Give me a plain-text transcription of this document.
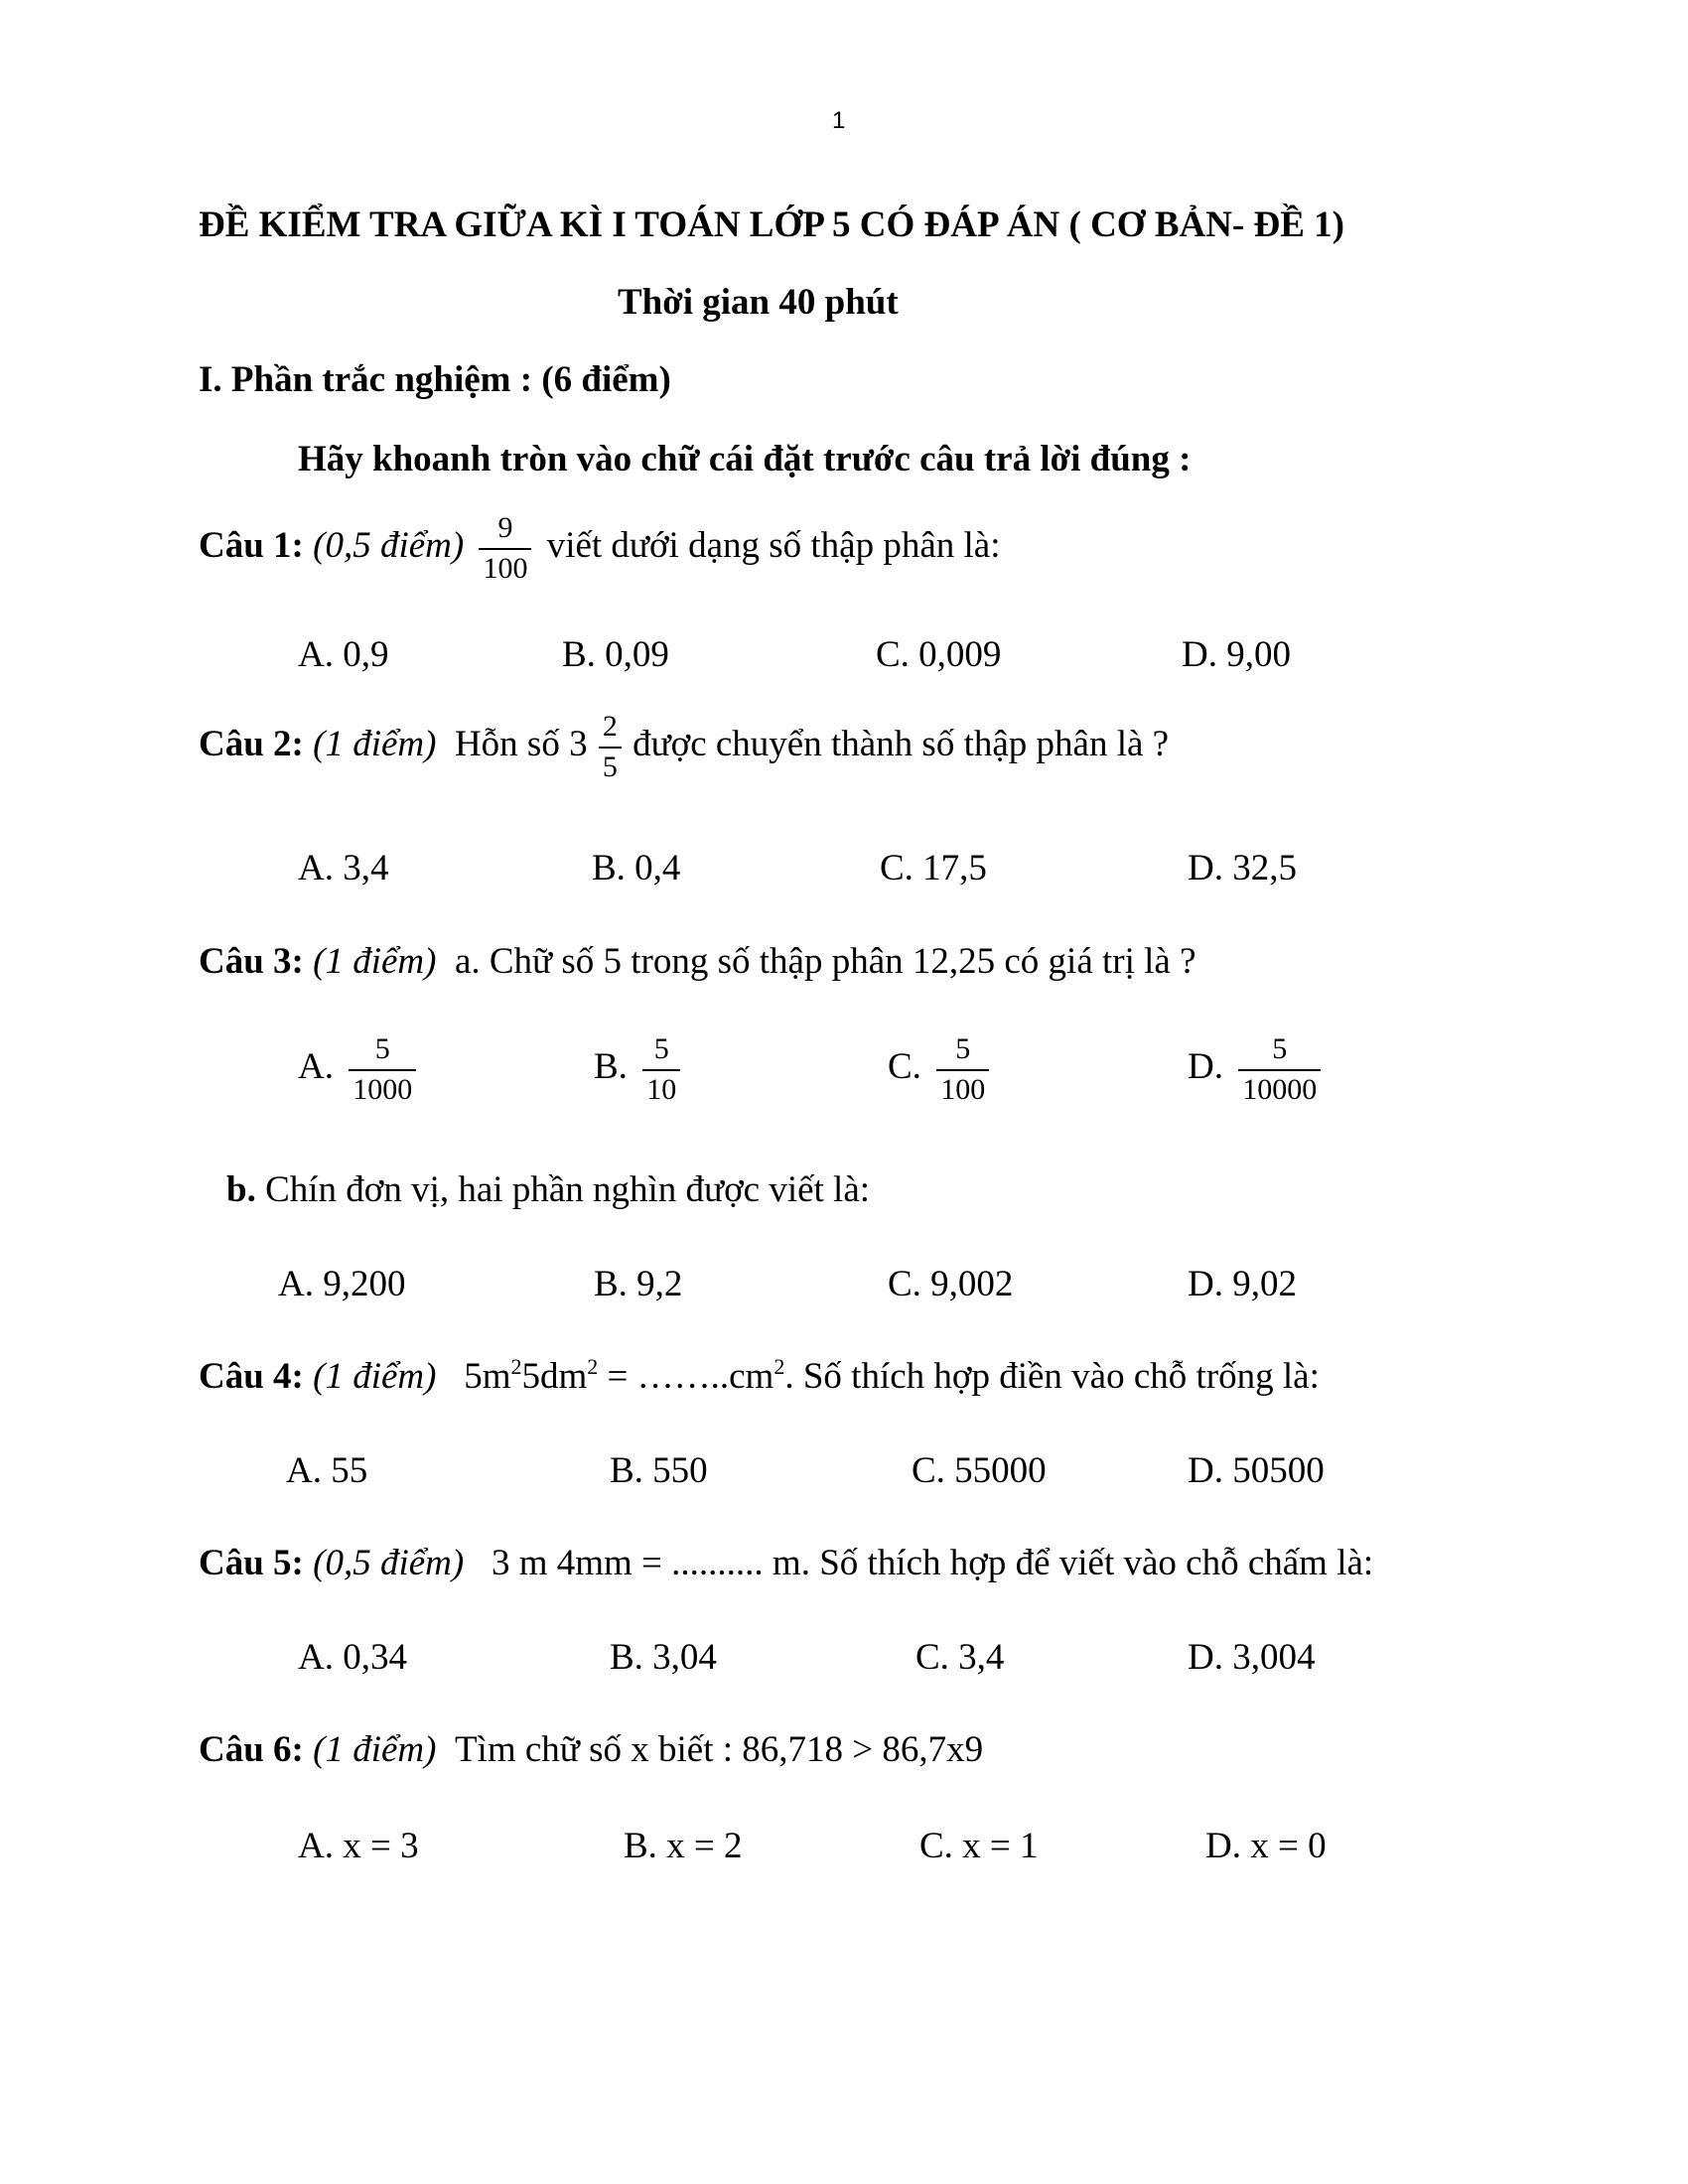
1
ĐỀ KIỂM TRA GIỮA KÌ I TOÁN LỚP 5 CÓ ĐÁP ÁN ( CƠ BẢN- ĐỀ 1)
Thời gian 40 phút
I. Phần trắc nghiệm : (6 điểm)
Hãy khoanh tròn vào chữ cái đặt trước câu trả lời đúng :
Câu 1: (0,5 điểm) $\frac{9}{100}$ viết dưới dạng số thập phân là:
A. 0,9	B. 0,09	C. 0,009	D. 9,00
Câu 2: (1 điểm) Hỗn số $3 \frac{2}{5}$ được chuyển thành số thập phân là ?
A. 3,4	B. 0,4	C. 17,5	D. 32,5
Câu 3: (1 điểm) a. Chữ số 5 trong số thập phân 12,25 có giá trị là ?
A. $\frac{5}{1000}$	B. $\frac{5}{10}$	C. $\frac{5}{100}$	D. $\frac{5}{10000}$
b. Chín đơn vị, hai phần nghìn được viết là:
A. 9,200	B. 9,2	C. 9,002	D. 9,02
Câu 4: (1 điểm) $5m^25dm^2$ = $\dots\dots..cm^2$. Số thích hợp điền vào chỗ trống là:
A. 55	B. 550	C. 55000	D. 50500
Câu 5: (0,5 điểm) 3 m 4mm = .......... m. Số thích hợp để viết vào chỗ chấm là:
A. 0,34	B. 3,04	C. 3,4	D. 3,004
Câu 6: (1 điểm) Tìm chữ số x biết : 86,718 > 86,7x9
A. x = 3	B. x = 2	C. x = 1	D. x = 0
